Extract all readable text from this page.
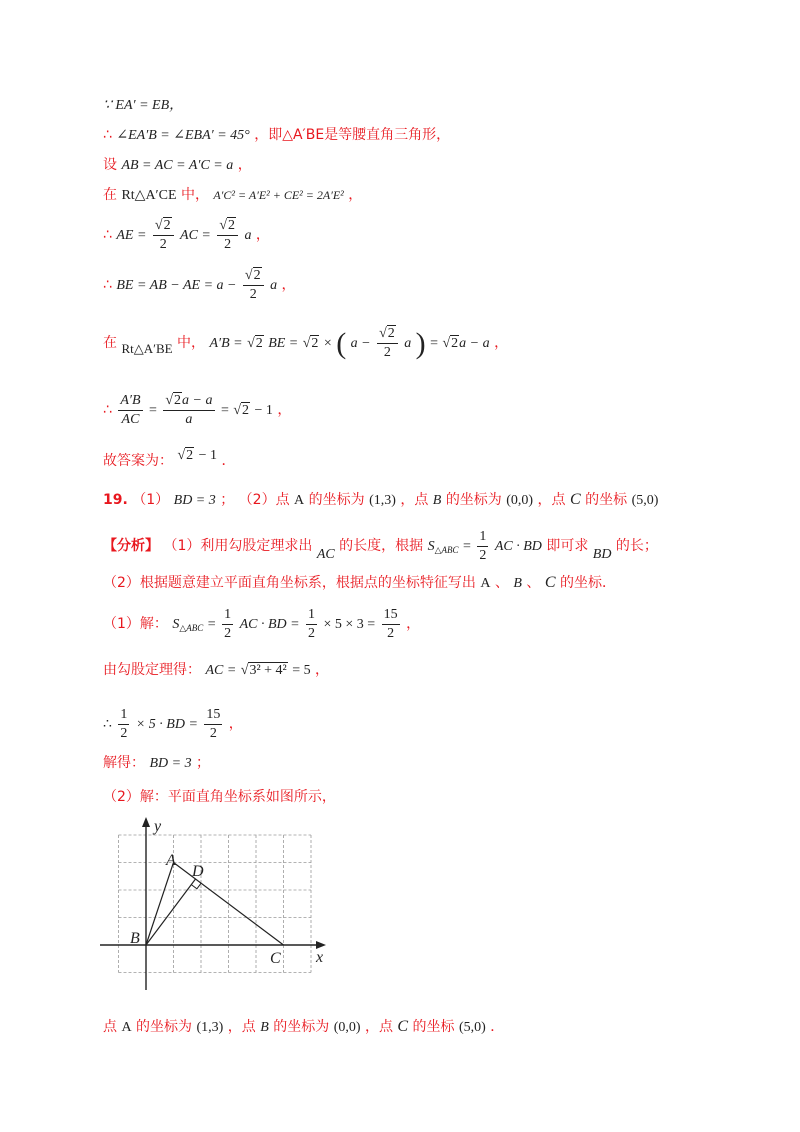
∵ EA′ = EB，
∴ ∠EA′B = ∠EBA′ = 45° ，即△A′BE是等腰直角三角形，
设 AB = AC = A′C = a ，
在 Rt△A′CE 中， A′C² = A′E² + CE² = 2A′E² ，
∴ AE = $\frac{√2}{2}$ AC = $\frac{√2}{2}$ a ，
∴ BE = AB − AE = $a - \frac{√2}{2}$ a ，
在 Rt△A′BE 中， A′B = √2 BE = √2 × ( $a - \frac{√2}{2}$ a ) = √2a − a ，
∴ $\frac{A'B}{AC} = \frac{√2a - a}{a} = √2 - 1$ ，
故答案为： √2 − 1 ．
19. （1） BD = 3 ； （2）点 A 的坐标为 (1,3) ，点 B 的坐标为 (0,0) ，点 C 的坐标 (5,0)
【分析】 （1）利用勾股定理求出 AC 的长度，根据 $S_{\triangle ABC} = \frac{1}{2}$ AC · BD 即可求 BD 的长；
（2）根据题意建立平面直角坐标系，根据点的坐标特征写出 A 、 B 、 C 的坐标．
（1）解： $S_{\triangle ABC} = \frac{1}{2}$ AC · BD = $\frac{1}{2} \times 5 \times 3 = \frac{15}{2}$ ，
由勾股定理得： AC = √3² + 4² = 5 ，
∴ $\frac{1}{2} \times 5$ · BD = $\frac{15}{2}$ ，
解得： BD = 3 ；
（2）解：平面直角坐标系如图所示，
x
y
A
B
C
D
点 A 的坐标为 (1,3) ，点 B 的坐标为 (0,0) ，点 C 的坐标 (5,0) ．
